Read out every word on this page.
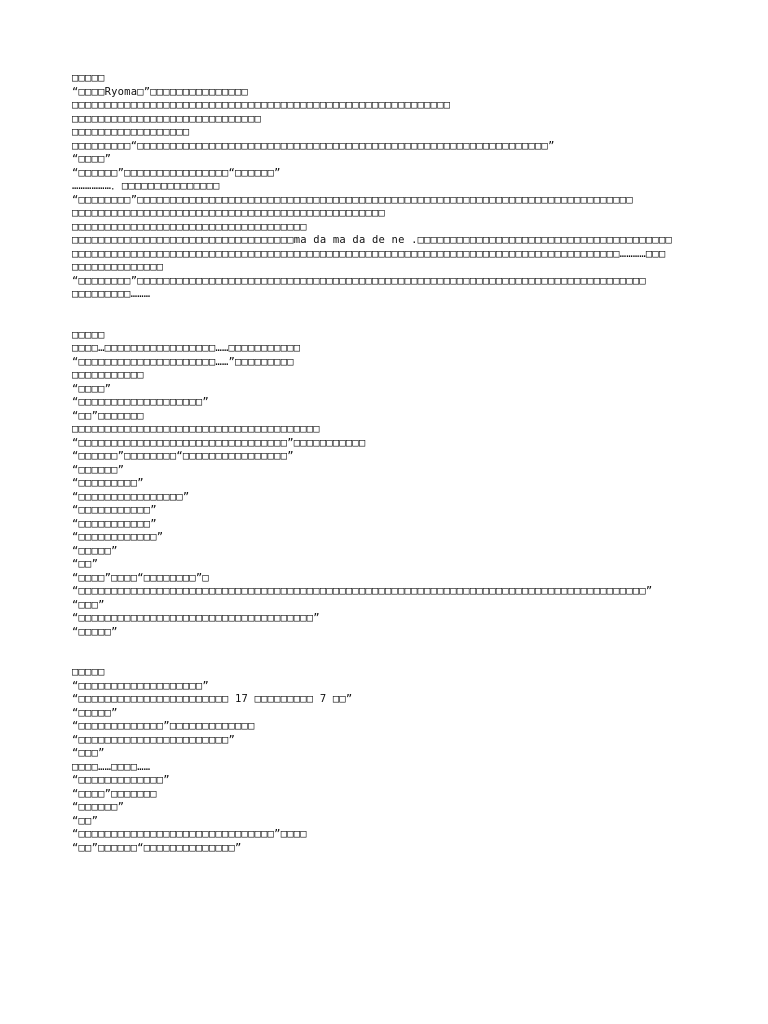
□□□□□
“□□□□Ryoma□”□□□□□□□□□□□□□□□
□□□□□□□□□□□□□□□□□□□□□□□□□□□□□□□□□□□□□□□□□□□□□□□□□□□□□□□□□□
□□□□□□□□□□□□□□□□□□□□□□□□□□□□□
□□□□□□□□□□□□□□□□□□
□□□□□□□□□“□□□□□□□□□□□□□□□□□□□□□□□□□□□□□□□□□□□□□□□□□□□□□□□□□□□□□□□□□□□□□□□”
“□□□□”
“□□□□□□”□□□□□□□□□□□□□□□□“□□□□□□”
………………．□□□□□□□□□□□□□□□
“□□□□□□□□”□□□□□□□□□□□□□□□□□□□□□□□□□□□□□□□□□□□□□□□□□□□□□□□□□□□□□□□□□□□□□□□□□□□□□□□□□□□□
□□□□□□□□□□□□□□□□□□□□□□□□□□□□□□□□□□□□□□□□□□□□□□□□
□□□□□□□□□□□□□□□□□□□□□□□□□□□□□□□□□□□□
□□□□□□□□□□□□□□□□□□□□□□□□□□□□□□□□□□ma da ma da de ne .□□□□□□□□□□□□□□□□□□□□□□□□□□□□□□□□□□□□□□□
□□□□□□□□□□□□□□□□□□□□□□□□□□□□□□□□□□□□□□□□□□□□□□□□□□□□□□□□□□□□□□□□□□□□□□□□□□□□□□□□□□□□…………□□□
□□□□□□□□□□□□□□
“□□□□□□□□”□□□□□□□□□□□□□□□□□□□□□□□□□□□□□□□□□□□□□□□□□□□□□□□□□□□□□□□□□□□□□□□□□□□□□□□□□□□□□□
□□□□□□□□□………
□□□□□
□□□□…□□□□□□□□□□□□□□□□□……□□□□□□□□□□□
“□□□□□□□□□□□□□□□□□□□□□……”□□□□□□□□□
□□□□□□□□□□□
“□□□□”
“□□□□□□□□□□□□□□□□□□□”
“□□”□□□□□□□
□□□□□□□□□□□□□□□□□□□□□□□□□□□□□□□□□□□□□□
“□□□□□□□□□□□□□□□□□□□□□□□□□□□□□□□□”□□□□□□□□□□□
“□□□□□□”□□□□□□□□“□□□□□□□□□□□□□□□□”
“□□□□□□”
“□□□□□□□□□”
“□□□□□□□□□□□□□□□□”
“□□□□□□□□□□□”
“□□□□□□□□□□□”
“□□□□□□□□□□□□”
“□□□□□”
“□□”
“□□□□”□□□□“□□□□□□□□”□
“□□□□□□□□□□□□□□□□□□□□□□□□□□□□□□□□□□□□□□□□□□□□□□□□□□□□□□□□□□□□□□□□□□□□□□□□□□□□□□□□□□□□□□□”
“□□□”
“□□□□□□□□□□□□□□□□□□□□□□□□□□□□□□□□□□□□”
“□□□□□”
□□□□□
“□□□□□□□□□□□□□□□□□□□”
“□□□□□□□□□□□□□□□□□□□□□□□ 17 □□□□□□□□□ 7 □□”
“□□□□□”
“□□□□□□□□□□□□□”□□□□□□□□□□□□□
“□□□□□□□□□□□□□□□□□□□□□□□”
“□□□”
□□□□……□□□□……
“□□□□□□□□□□□□□”
“□□□□”□□□□□□□
“□□□□□□”
“□□”
“□□□□□□□□□□□□□□□□□□□□□□□□□□□□□□”□□□□
“□□”□□□□□□“□□□□□□□□□□□□□□”
